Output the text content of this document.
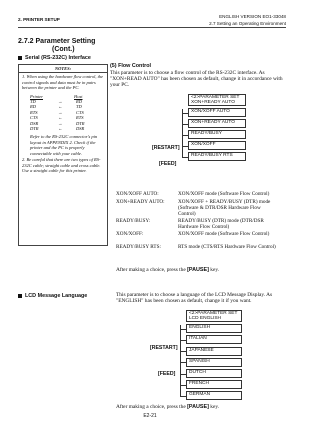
2. PRINTER SETUP
ENGLISH VERSION EO1-33048
2.7 Setting an Operating Environment
2.7.2 Parameter Setting
(Cont.)
Serial (RS-232C) Interface
NOTES:
1. When using the hardware flow control, the control signals and data must be in pairs between the printer and the PC.
Printer	Host
TD	→	RD
RD	←	TD
RTS	→	CTS
CTS	←	RTS
DSR	→	DTR
DTR	←	DSR
Refer to the RS-232C connector's pin layout in APPENDIX 2. Check if the printer and the PC is properly connectable with your cable.
2. Be careful that there are two types of RS-232C cable; straight cable and cross cable. Use a straight cable for this printer.
(5) Flow Control
This parameter is to choose a flow control of the RS-232C interface. As "XON+READ AUTO" has been chosen as default, change it in accordance with your PC.
<2>PARAMETER SET
XON+READY AUTO
XON/XOFF AUTO
XON+READY AUTO
READY/BUSY
XON/XOFF
READY/BUSY RTS
[RESTART]
[FEED]
XON/XOFF AUTO:	XON/XOFF mode (Software Flow Control)
XON+READY AUTO:	XON/XOFF + READY/BUSY (DTR) mode (Software & DTR/DSR Hardware Flow Control)
READY/BUSY:	READY/BUSY (DTR) mode (DTR/DSR Hardware Flow Control)
XON/XOFF:	XON/XOFF mode (Software Flow Control)
READY/BUSY RTS:	RTS mode (CTS/RTS Hardware Flow Control)
After making a choice, press the [PAUSE] key.
LCD Message Language	This parameter is to choose a language of the LCD Message Display. As "ENGLISH" has been chosen as default, change it if you want.
<2>PARAMETER SET
LCD ENGLISH
ENGLISH
ITALIAN
JAPANESE
SPANISH
DUTCH
FRENCH
GERMAN
[RESTART]
[FEED]
After making a choice, press the [PAUSE] key.
E2-21
